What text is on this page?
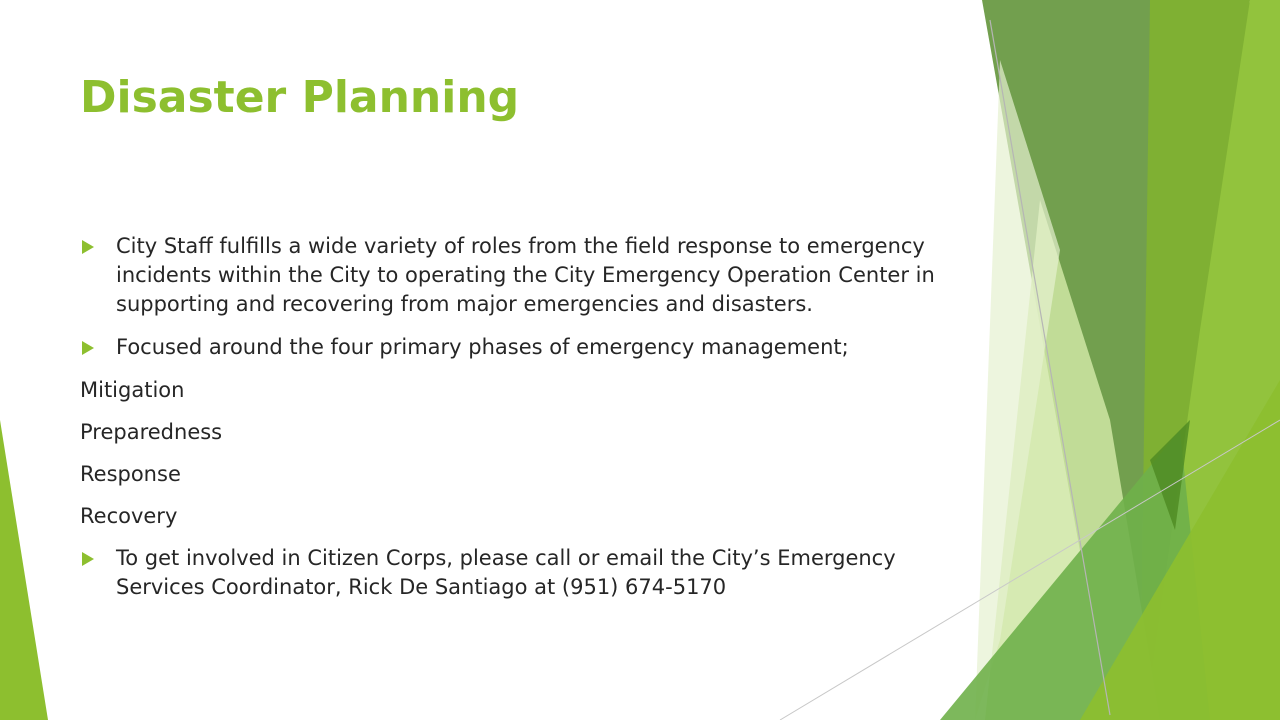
Disaster Planning
City Staff fulfills a wide variety of roles from the field response to emergency incidents within the City to operating the City Emergency Operation Center in supporting and recovering from major emergencies and disasters.
Focused around the four primary phases of emergency management;
Mitigation
Preparedness
Response
Recovery
To get involved in Citizen Corps, please call or email the City’s Emergency Services Coordinator, Rick De Santiago at (951) 674-5170
